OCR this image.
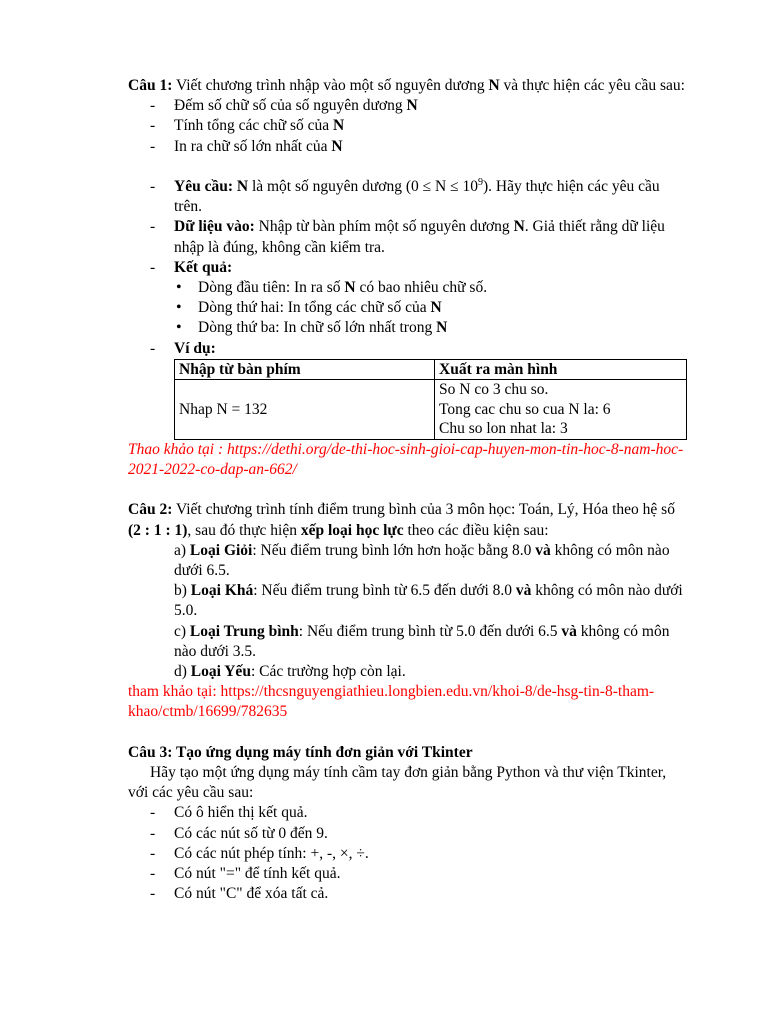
Câu 1: Viết chương trình nhập vào một số nguyên dương N và thực hiện các yêu cầu sau:

- Đếm số chữ số của số nguyên dương N
- Tính tổng các chữ số của N
- In ra chữ số lớn nhất của N
- Yêu cầu: N là một số nguyên dương $(0 \le N \le 10^9)$. Hãy thực hiện các yêu cầu trên.
- Dữ liệu vào: Nhập từ bàn phím một số nguyên dương N. Giả thiết rằng dữ liệu nhập là đúng, không cần kiểm tra.
- Kết quả:
• Dòng đầu tiên: In ra số N có bao nhiêu chữ số.
• Dòng thứ hai: In tổng các chữ số của N
• Dòng thứ ba: In chữ số lớn nhất trong N
- Ví dụ:
Nhập từ bàn phím	Xuất ra màn hình
Nhap N = 132	So N co 3 chu so.
Tong cac chu so cua N la: 6
Chu so lon nhat la: 3

Thao khảo tại : https://dethi.org/de-thi-hoc-sinh-gioi-cap-huyen-mon-tin-hoc-8-nam-hoc-2021-2022-co-dap-an-662/

Câu 2: Viết chương trình tính điểm trung bình của 3 môn học: Toán, Lý, Hóa theo hệ số (2 : 1 : 1), sau đó thực hiện xếp loại học lực theo các điều kiện sau:

a) Loại Giỏi: Nếu điểm trung bình lớn hơn hoặc bằng 8.0 và không có môn nào dưới 6.5.

b) Loại Khá: Nếu điểm trung bình từ 6.5 đến dưới 8.0 và không có môn nào dưới 5.0.

c) Loại Trung bình: Nếu điểm trung bình từ 5.0 đến dưới 6.5 và không có môn nào dưới 3.5.

d) Loại Yếu: Các trường hợp còn lại.

tham khảo tại: https://thcsnguyengiathieu.longbien.edu.vn/khoi-8/de-hsg-tin-8-tham-khao/ctmb/16699/782635

Câu 3: Tạo ứng dụng máy tính đơn giản với Tkinter

Hãy tạo một ứng dụng máy tính cầm tay đơn giản bằng Python và thư viện Tkinter, với các yêu cầu sau:

- Có ô hiển thị kết quả.
- Có các nút số từ 0 đến 9.
- Có các nút phép tính: +, -, ×, ÷.
- Có nút "=" để tính kết quả.
- Có nút "C" để xóa tất cả.
